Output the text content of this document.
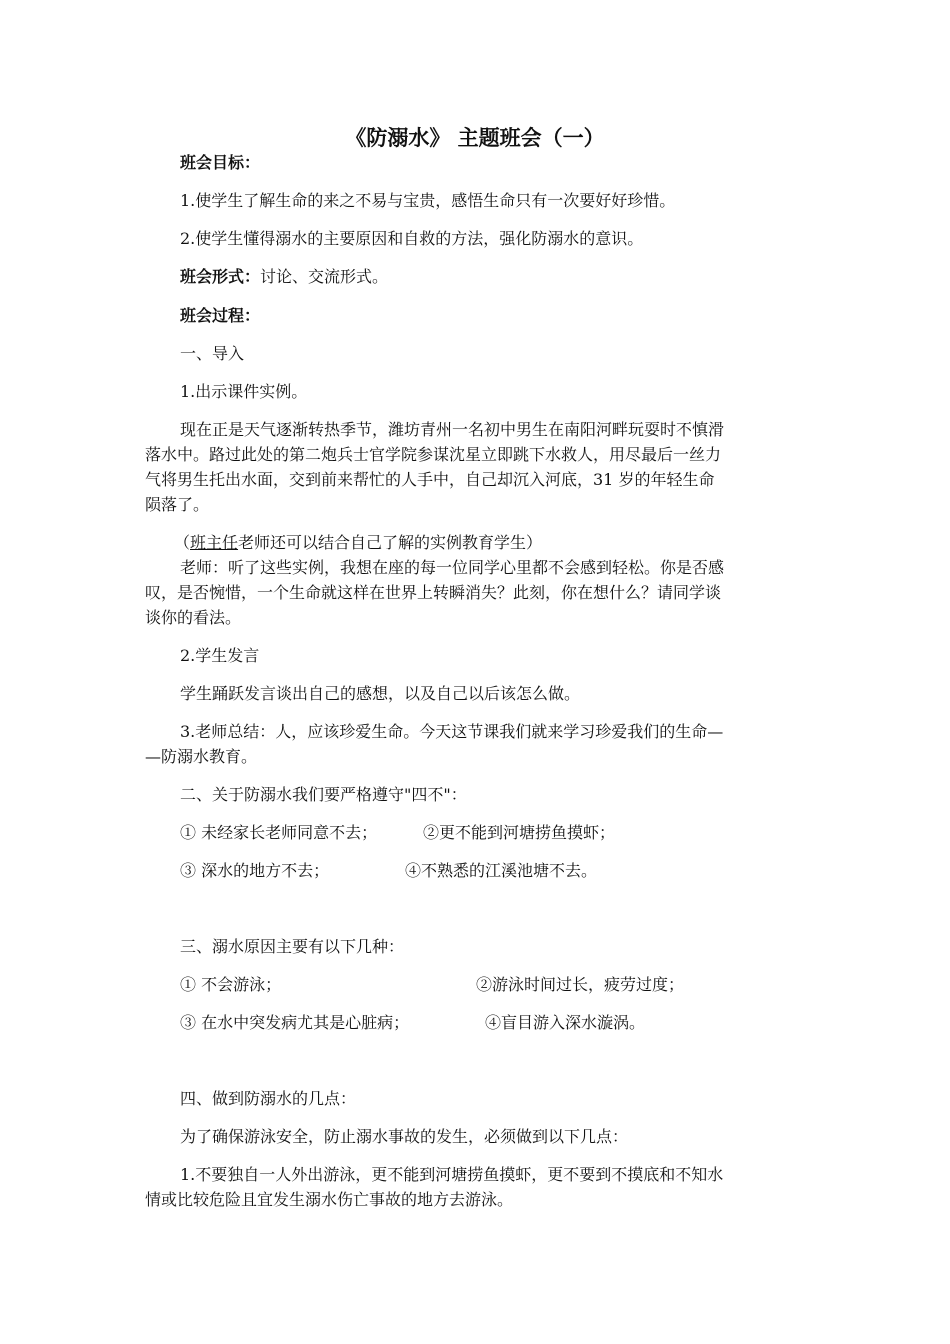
《防溺水》 主题班会（一）
班会目标：
1.使学生了解生命的来之不易与宝贵，感悟生命只有一次要好好珍惜。
2.使学生懂得溺水的主要原因和自救的方法，强化防溺水的意识。
班会形式：讨论、交流形式。
班会过程：
一、导入
1.出示课件实例。
现在正是天气逐渐转热季节，潍坊青州一名初中男生在南阳河畔玩耍时不慎滑
落水中。路过此处的第二炮兵士官学院参谋沈星立即跳下水救人，用尽最后一丝力
气将男生托出水面，交到前来帮忙的人手中，自己却沉入河底，31 岁的年轻生命
陨落了。
（班主任老师还可以结合自己了解的实例教育学生）
老师：听了这些实例，我想在座的每一位同学心里都不会感到轻松。你是否感
叹，是否惋惜，一个生命就这样在世界上转瞬消失？此刻，你在想什么？请同学谈
谈你的看法。
2.学生发言
学生踊跃发言谈出自己的感想，以及自己以后该怎么做。
3.老师总结：人，应该珍爱生命。今天这节课我们就来学习珍爱我们的生命—
—防溺水教育。
二、关于防溺水我们要严格遵守"四不"：
① 未经家长老师同意不去；	②更不能到河塘捞鱼摸虾；
③ 深水的地方不去；	④不熟悉的江溪池塘不去。
三、溺水原因主要有以下几种：
① 不会游泳；	②游泳时间过长，疲劳过度；
③ 在水中突发病尤其是心脏病；	④盲目游入深水漩涡。
四、做到防溺水的几点：
为了确保游泳安全，防止溺水事故的发生，必须做到以下几点：
1.不要独自一人外出游泳，更不能到河塘捞鱼摸虾，更不要到不摸底和不知水
情或比较危险且宜发生溺水伤亡事故的地方去游泳。
